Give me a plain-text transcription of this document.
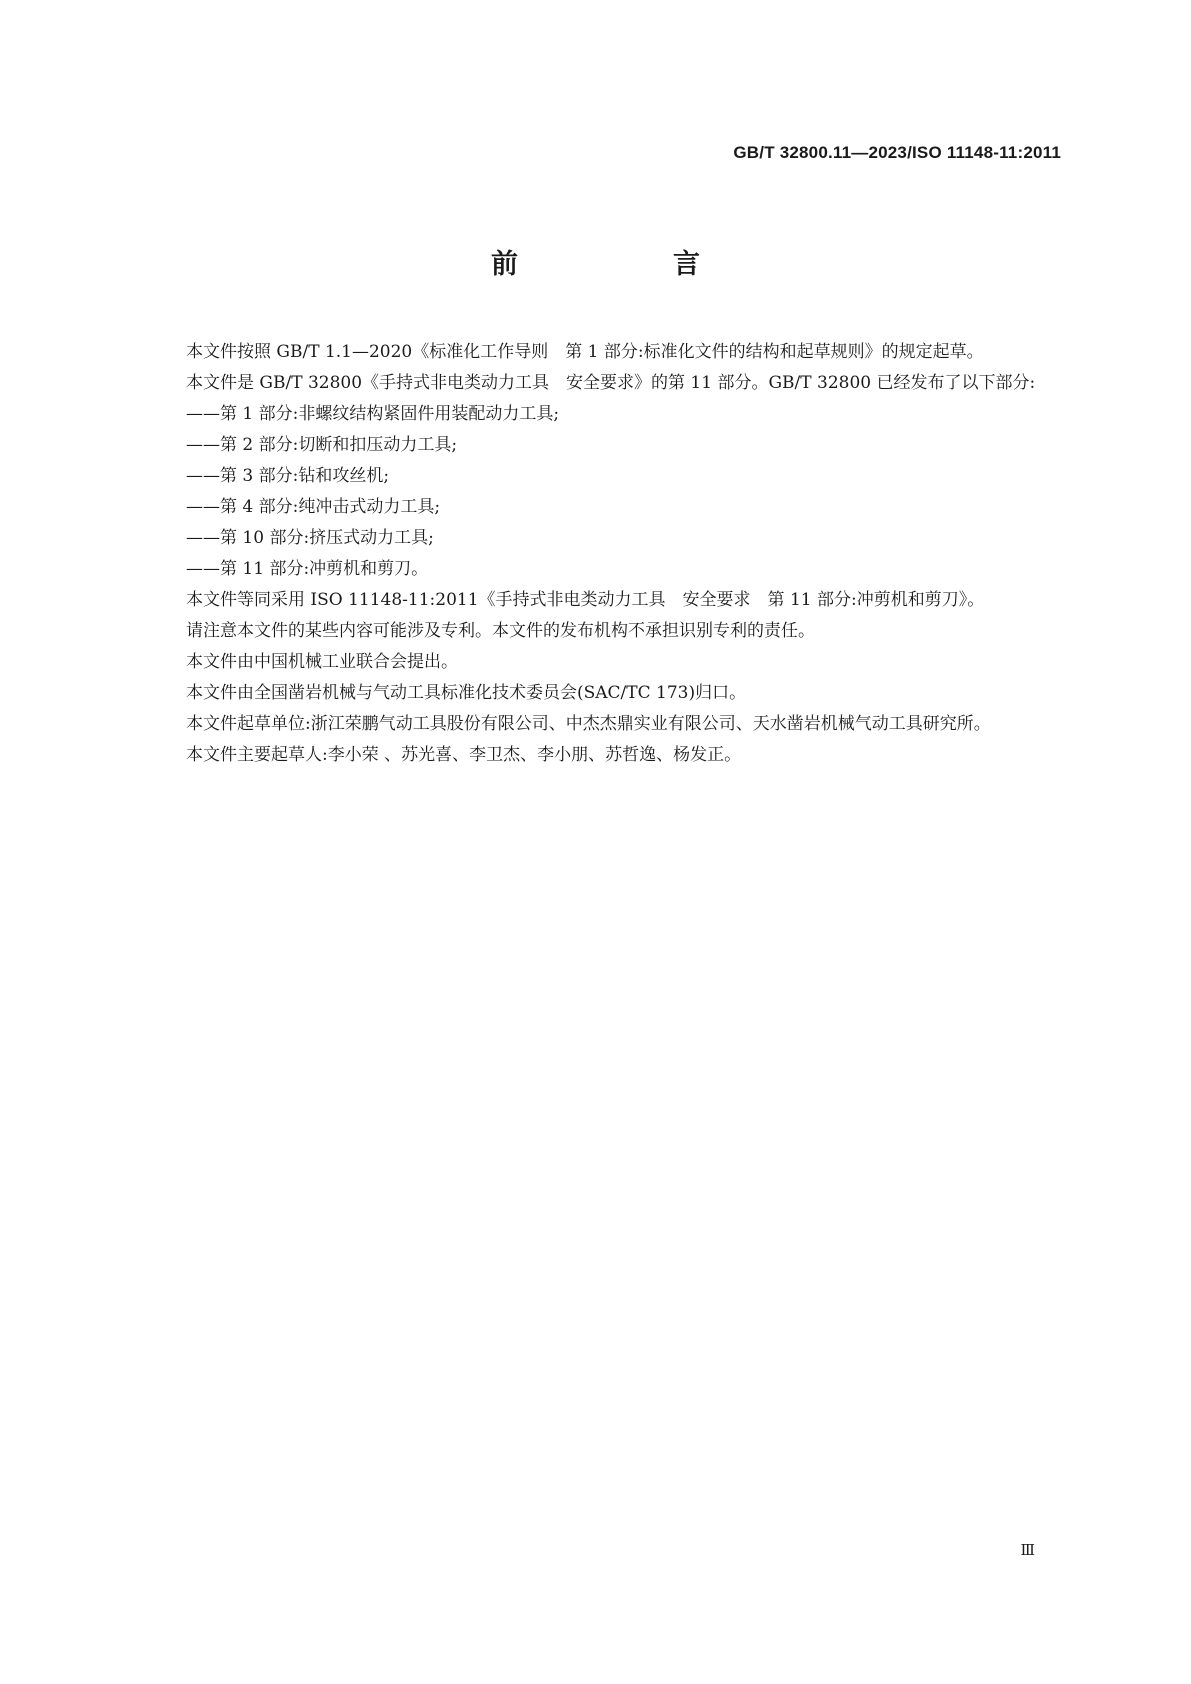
GB/T 32800.11—2023/ISO 11148-11:2011
前　言

本文件按照 GB/T 1.1—2020《标准化工作导则　第 1 部分:标准化文件的结构和起草规则》的规定起草。

本文件是 GB/T 32800《手持式非电类动力工具　安全要求》的第 11 部分。GB/T 32800 已经发布了以下部分:

——第 1 部分:非螺纹结构紧固件用装配动力工具;

——第 2 部分:切断和扣压动力工具;

——第 3 部分:钻和攻丝机;

——第 4 部分:纯冲击式动力工具;

——第 10 部分:挤压式动力工具;

——第 11 部分:冲剪机和剪刀。

本文件等同采用 ISO 11148-11:2011《手持式非电类动力工具　安全要求　第 11 部分:冲剪机和剪刀》。

请注意本文件的某些内容可能涉及专利。本文件的发布机构不承担识别专利的责任。

本文件由中国机械工业联合会提出。

本文件由全国凿岩机械与气动工具标准化技术委员会(SAC/TC 173)归口。

本文件起草单位:浙江荣鹏气动工具股份有限公司、中杰杰鼎实业有限公司、天水凿岩机械气动工具研究所。

本文件主要起草人:李小荣 、苏光喜、李卫杰、李小朋、苏哲逸、杨发正。

Ⅲ
